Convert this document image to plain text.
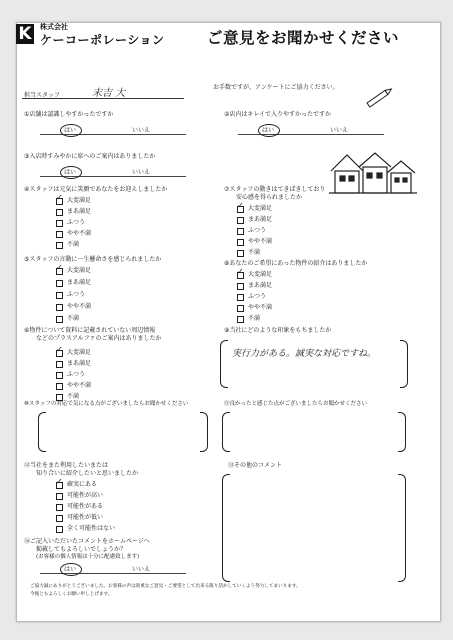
K	株式会社
ケーコーポレーション	ご意見をお聞かせください
お手数ですが、アンケートにご協力ください。
担当スタッフ	末吉 大
①店舗は認識しやすかったですか
はい	いいえ
②店内はキレイで入りやすかったですか
はい	いいえ
③入店時すみやかに席へのご案内はありましたか
はい	いいえ
④スタッフは元気に笑顔であなたをお迎えしましたか
✓ 大変満足
まあ満足
ふつう
やや不満
不満
⑦スタッフの動きはてきぱきしており
安心感を得られましたか
✓ 大変満足
まあ満足
ふつう
やや不満
不満
⑤スタッフの言動に一生懸命さを感じられましたか
✓ 大変満足
まあ満足
ふつう
やや不満
不満
⑧あなたのご希望にあった物件の紹介はありましたか
✓ 大変満足
まあ満足
ふつう
やや不満
不満
⑥物件について資料に記載されていない周辺情報
などのプラスアルファのご案内はありましたか
✓ 大変満足
まあ満足
ふつう
やや不満
不満
⑨当社にどのような印象をもちましたか
実行力がある。誠実な対応ですね。
⑩スタッフの対応で気になる点がございましたらお聞かせください	⑪良かったと感じた点がございましたらお聞かせください
⑫当社をまた利用したいまたは
知り合いに紹介したいと思いましたか
✓ 確実にある
可能性が高い
可能性がある
可能性が低い
全く可能性はない
⑬その他のコメント
⑭ご記入いただいたコメントをホームページへ
掲載してもよろしいでしょうか？
(お客様の個人情報は十分に配慮致します)
はい	いいえ
ご協力誠にありがとうございました。お客様の声は貴重なご意見・ご要望として出来る限り活かしていくよう努力してまいります。
今後ともよろしくお願い申し上げます。
